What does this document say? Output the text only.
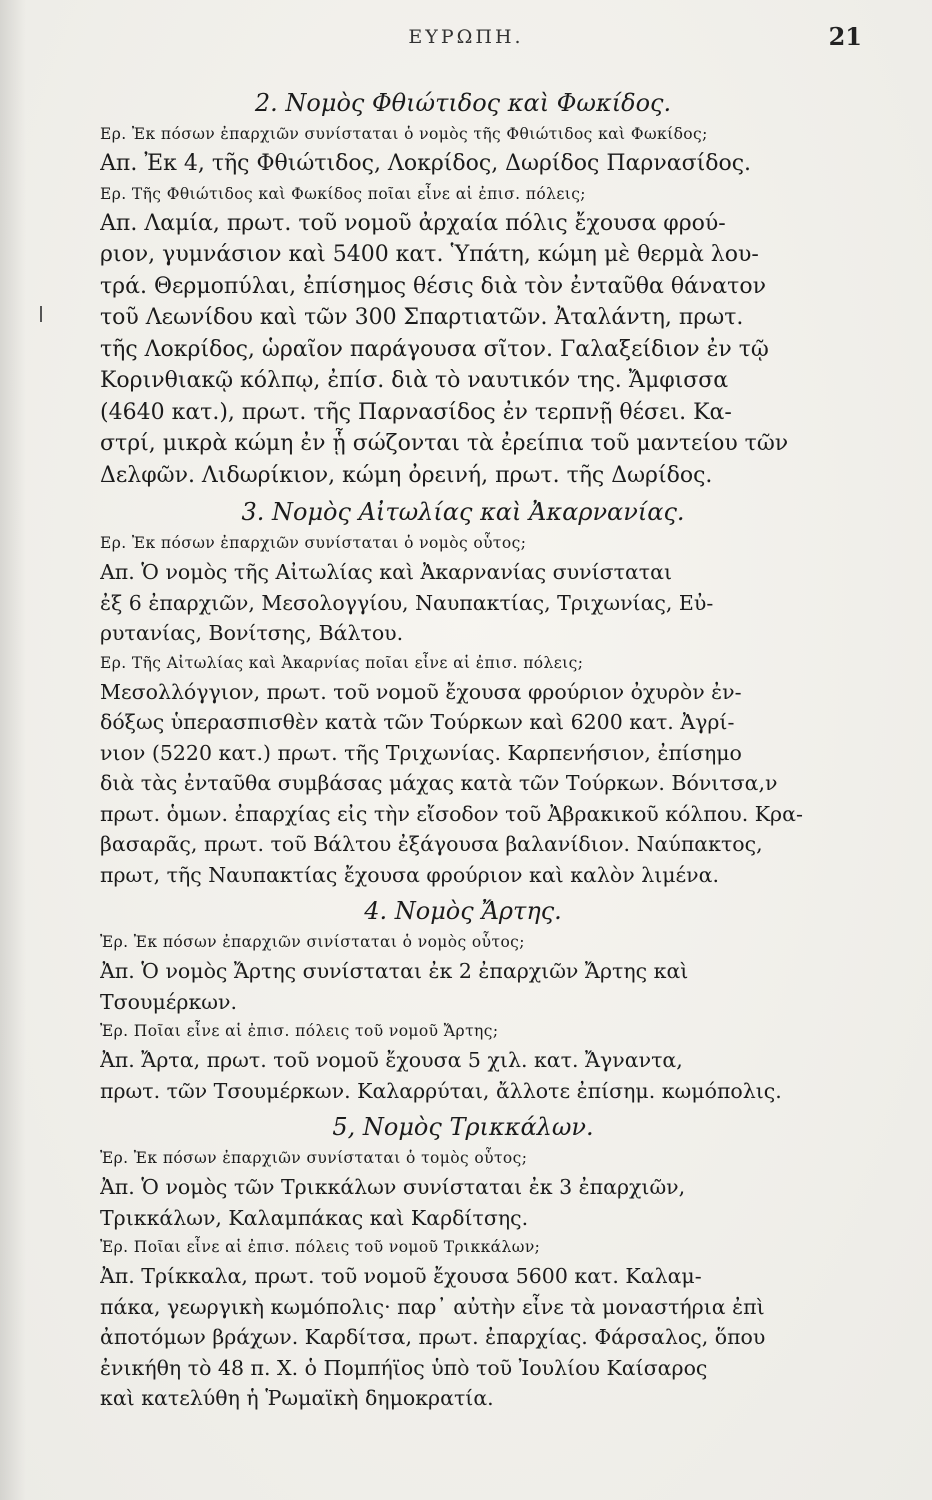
ΕΥΡΩΠΗ.	21
2. Νομὸς Φθιώτιδος καὶ Φωκίδος.
Ερ. Ἐκ πόσων ἐπαρχιῶν συνίσταται ὁ νομὸς τῆς Φθιώτιδος καὶ Φωκίδος;
Απ. Ἐκ 4, τῆς Φθιώτιδος, Λοκρίδος, Δωρίδος Παρνασίδος.
Ερ. Τῆς Φθιώτιδος καὶ Φωκίδος ποῖαι εἶνε αἱ ἐπισ. πόλεις;
Απ. Λαμία, πρωτ. τοῦ νομοῦ ἀρχαία πόλις ἔχουσα φρού-
ριον, γυμνάσιον καὶ 5400 κατ. Ὑπάτη, κώμη μὲ θερμὰ λου-
τρά. Θερμοπύλαι, ἐπίσημος θέσις διὰ τὸν ἐνταῦθα θάνατον
τοῦ Λεωνίδου καὶ τῶν 300 Σπαρτιατῶν. Ἀταλάντη, πρωτ.
τῆς Λοκρίδος, ὡραῖον παράγουσα σῖτον. Γαλαξείδιον ἐν τῷ
Κορινθιακῷ κόλπῳ, ἐπίσ. διὰ τὸ ναυτικόν της. Ἄμφισσα
(4640 κατ.), πρωτ. τῆς Παρνασίδος ἐν τερπνῇ θέσει. Κα-
στρί, μικρὰ κώμη ἐν ᾗ σώζονται τὰ ἐρείπια τοῦ μαντείου τῶν
Δελφῶν. Λιδωρίκιον, κώμη ὀρεινή, πρωτ. τῆς Δωρίδος.
3. Νομὸς Αἰτωλίας καὶ Ἀκαρνανίας.
Ερ. Ἐκ πόσων ἐπαρχιῶν συνίσταται ὁ νομὸς οὗτος;
Απ. Ὁ νομὸς τῆς Αἰτωλίας καὶ Ἀκαρνανίας συνίσταται
ἐξ 6 ἐπαρχιῶν, Μεσολογγίου, Ναυπακτίας, Τριχωνίας, Εὐ-
ρυτανίας, Βονίτσης, Βάλτου.
Ερ. Τῆς Αἰτωλίας καὶ Ἀκαρνίας ποῖαι εἶνε αἱ ἐπισ. πόλεις;
Μεσολλόγγιον, πρωτ. τοῦ νομοῦ ἔχουσα φρούριον ὀχυρὸν ἐν-
δόξως ὑπερασπισθὲν κατὰ τῶν Τούρκων καὶ 6200 κατ. Ἀγρί-
νιον (5220 κατ.) πρωτ. τῆς Τριχωνίας. Καρπενήσιον, ἐπίσημο
διὰ τὰς ἐνταῦθα συμβάσας μάχας κατὰ τῶν Τούρκων. Βόνιτσα,ν
πρωτ. ὁμων. ἐπαρχίας εἰς τὴν εἴσοδον τοῦ Ἀβρακικοῦ κόλπου. Κρα-
βασαρᾶς, πρωτ. τοῦ Βάλτου ἐξάγουσα βαλανίδιον. Ναύπακτος,
πρωτ, τῆς Ναυπακτίας ἔχουσα φρούριον καὶ καλὸν λιμένα.
4. Νομὸς Ἄρτης.
Ἐρ. Ἐκ πόσων ἐπαρχιῶν σινίσταται ὁ νομὸς οὗτος;
Ἀπ. Ὁ νομὸς Ἄρτης συνίσταται ἐκ 2 ἐπαρχιῶν Ἄρτης καὶ
Τσουμέρκων.
Ἐρ. Ποῖαι εἶνε αἱ ἐπισ. πόλεις τοῦ νομοῦ Ἄρτης;
Ἀπ. Ἄρτα, πρωτ. τοῦ νομοῦ ἔχουσα 5 χιλ. κατ. Ἄγναντα,
πρωτ. τῶν Τσουμέρκων. Καλαρρύται, ἄλλοτε ἐπίσημ. κωμόπολις.
5, Νομὸς Τρικκάλων.
Ἐρ. Ἐκ πόσων ἐπαρχιῶν συνίσταται ὁ τομὸς οὗτος;
Ἀπ. Ὁ νομὸς τῶν Τρικκάλων συνίσταται ἐκ 3 ἐπαρχιῶν,
Τρικκάλων, Καλαμπάκας καὶ Καρδίτσης.
Ἐρ. Ποῖαι εἶνε αἱ ἐπισ. πόλεις τοῦ νομοῦ Τρικκάλων;
Ἀπ. Τρίκκαλα, πρωτ. τοῦ νομοῦ ἔχουσα 5600 κατ. Καλαμ-
πάκα, γεωργικὴ κωμόπολις· παρ᾽ αὐτὴν εἶνε τὰ μοναστήρια ἐπὶ
ἀποτόμων βράχων. Καρδίτσα, πρωτ. ἐπαρχίας. Φάρσαλος, ὅπου
ἐνικήθη τὸ 48 π. Χ. ὁ Πομπήϊος ὑπὸ τοῦ Ἰουλίου Καίσαρος
καὶ κατελύθη ἡ Ῥωμαϊκὴ δημοκρατία.
